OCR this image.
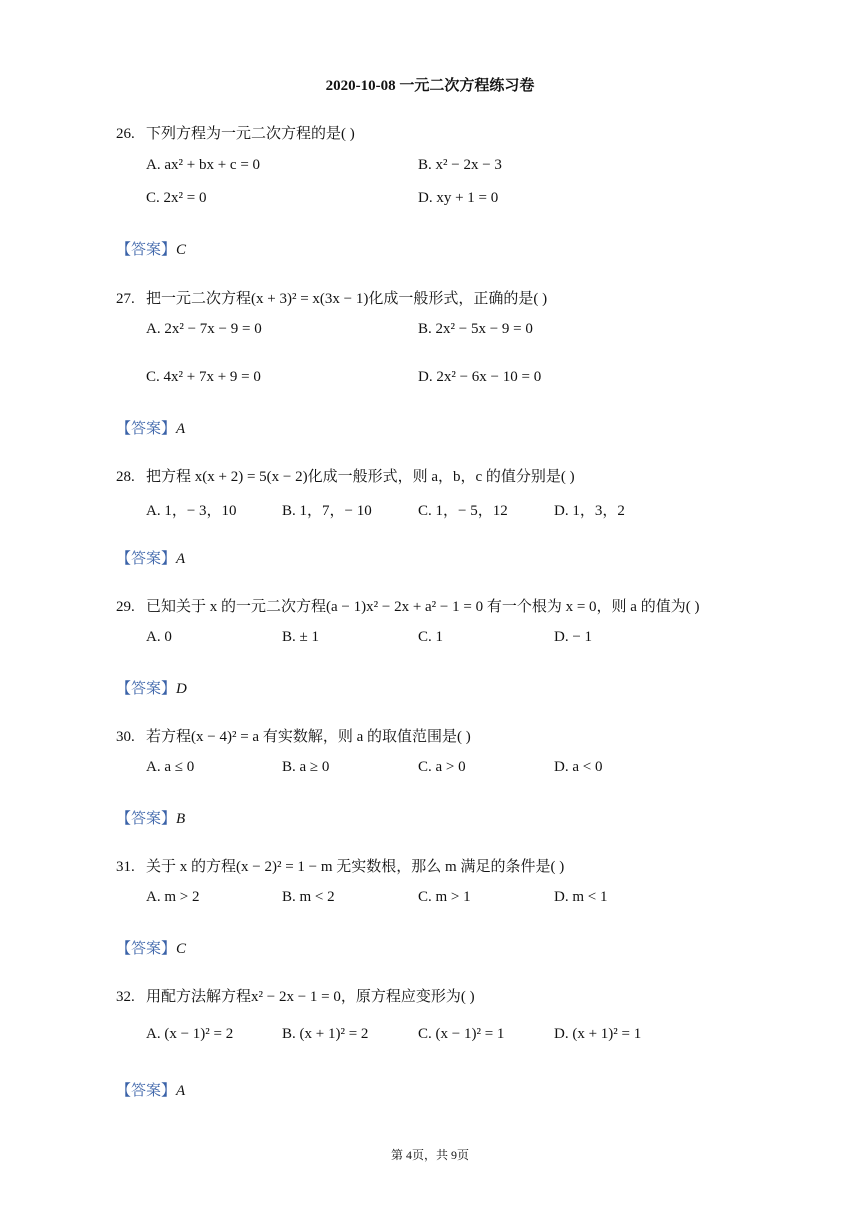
2020-10-08 一元二次方程练习卷
26. 下列方程为一元二次方程的是( )
A. ax² + bx + c = 0	B. x² − 2x − 3
C. 2x² = 0	D. xy + 1 = 0
【答案】C
27. 把一元二次方程(x + 3)² = x(3x − 1)化成一般形式，正确的是( )
A. 2x² − 7x − 9 = 0	B. 2x² − 5x − 9 = 0
C. 4x² + 7x + 9 = 0	D. 2x² − 6x − 10 = 0
【答案】A
28. 把方程 x(x + 2) = 5(x − 2)化成一般形式，则 a，b，c 的值分别是( )
A. 1，− 3，10	B. 1，7，− 10	C. 1，− 5，12	D. 1，3，2
【答案】A
29. 已知关于 x 的一元二次方程(a − 1)x² − 2x + a² − 1 = 0 有一个根为 x = 0，则 a 的值为( )
A. 0	B. ± 1	C. 1	D. − 1
【答案】D
30. 若方程(x − 4)² = a 有实数解，则 a 的取值范围是( )
A. a ≤ 0	B. a ≥ 0	C. a > 0	D. a < 0
【答案】B
31. 关于 x 的方程(x − 2)² = 1 − m 无实数根，那么 m 满足的条件是( )
A. m > 2	B. m < 2	C. m > 1	D. m < 1
【答案】C
32. 用配方法解方程x² − 2x − 1 = 0，原方程应变形为( )
A. (x − 1)² = 2	B. (x + 1)² = 2	C. (x − 1)² = 1	D. (x + 1)² = 1
【答案】A
第 4页，共 9页
